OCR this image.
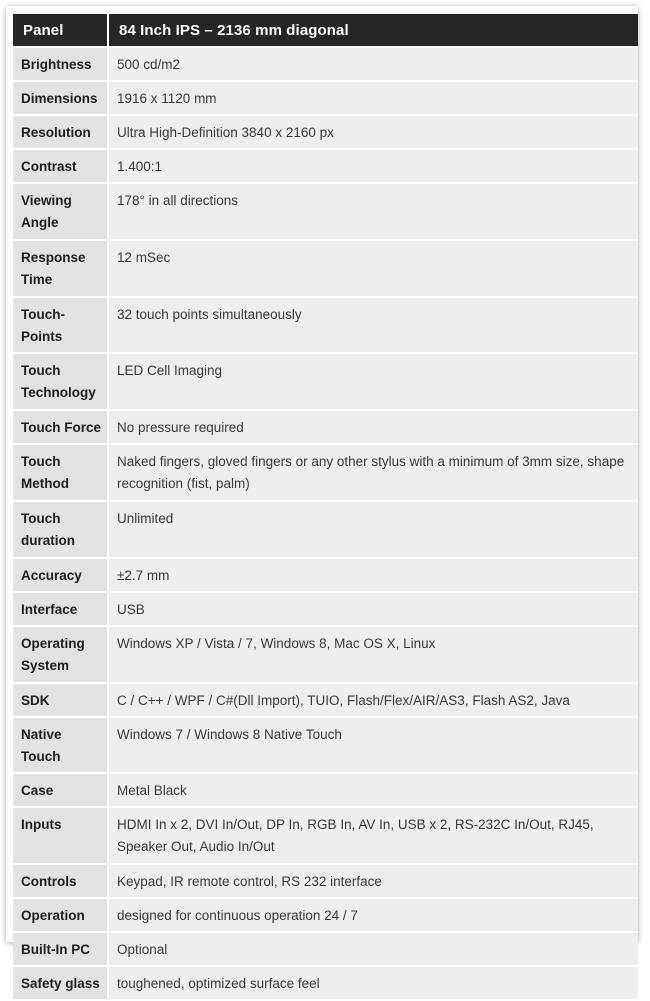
Panel	84 Inch IPS – 2136 mm diagonal
Brightness	500 cd/m2
Dimensions	1916 x 1120 mm
Resolution	Ultra High-Definition 3840 x 2160 px
Contrast	1.400:1
Viewing Angle	178° in all directions
Response Time	12 mSec
Touch-Points	32 touch points simultaneously
Touch Technology	LED Cell Imaging
Touch Force	No pressure required
Touch Method	Naked fingers, gloved fingers or any other stylus with a minimum of 3mm size, shape recognition (fist, palm)
Touch duration	Unlimited
Accuracy	±2.7 mm
Interface	USB
Operating System	Windows XP / Vista / 7, Windows 8, Mac OS X, Linux
SDK	C / C++ / WPF / C#(Dll Import), TUIO, Flash/Flex/AIR/AS3, Flash AS2, Java
Native Touch	Windows 7 / Windows 8 Native Touch
Case	Metal Black
Inputs	HDMI In x 2, DVI In/Out, DP In, RGB In, AV In, USB x 2, RS-232C In/Out, RJ45, Speaker Out, Audio In/Out
Controls	Keypad, IR remote control, RS 232 interface
Operation	designed for continuous operation 24 / 7
Built-In PC	Optional
Safety glass	toughened, optimized surface feel
